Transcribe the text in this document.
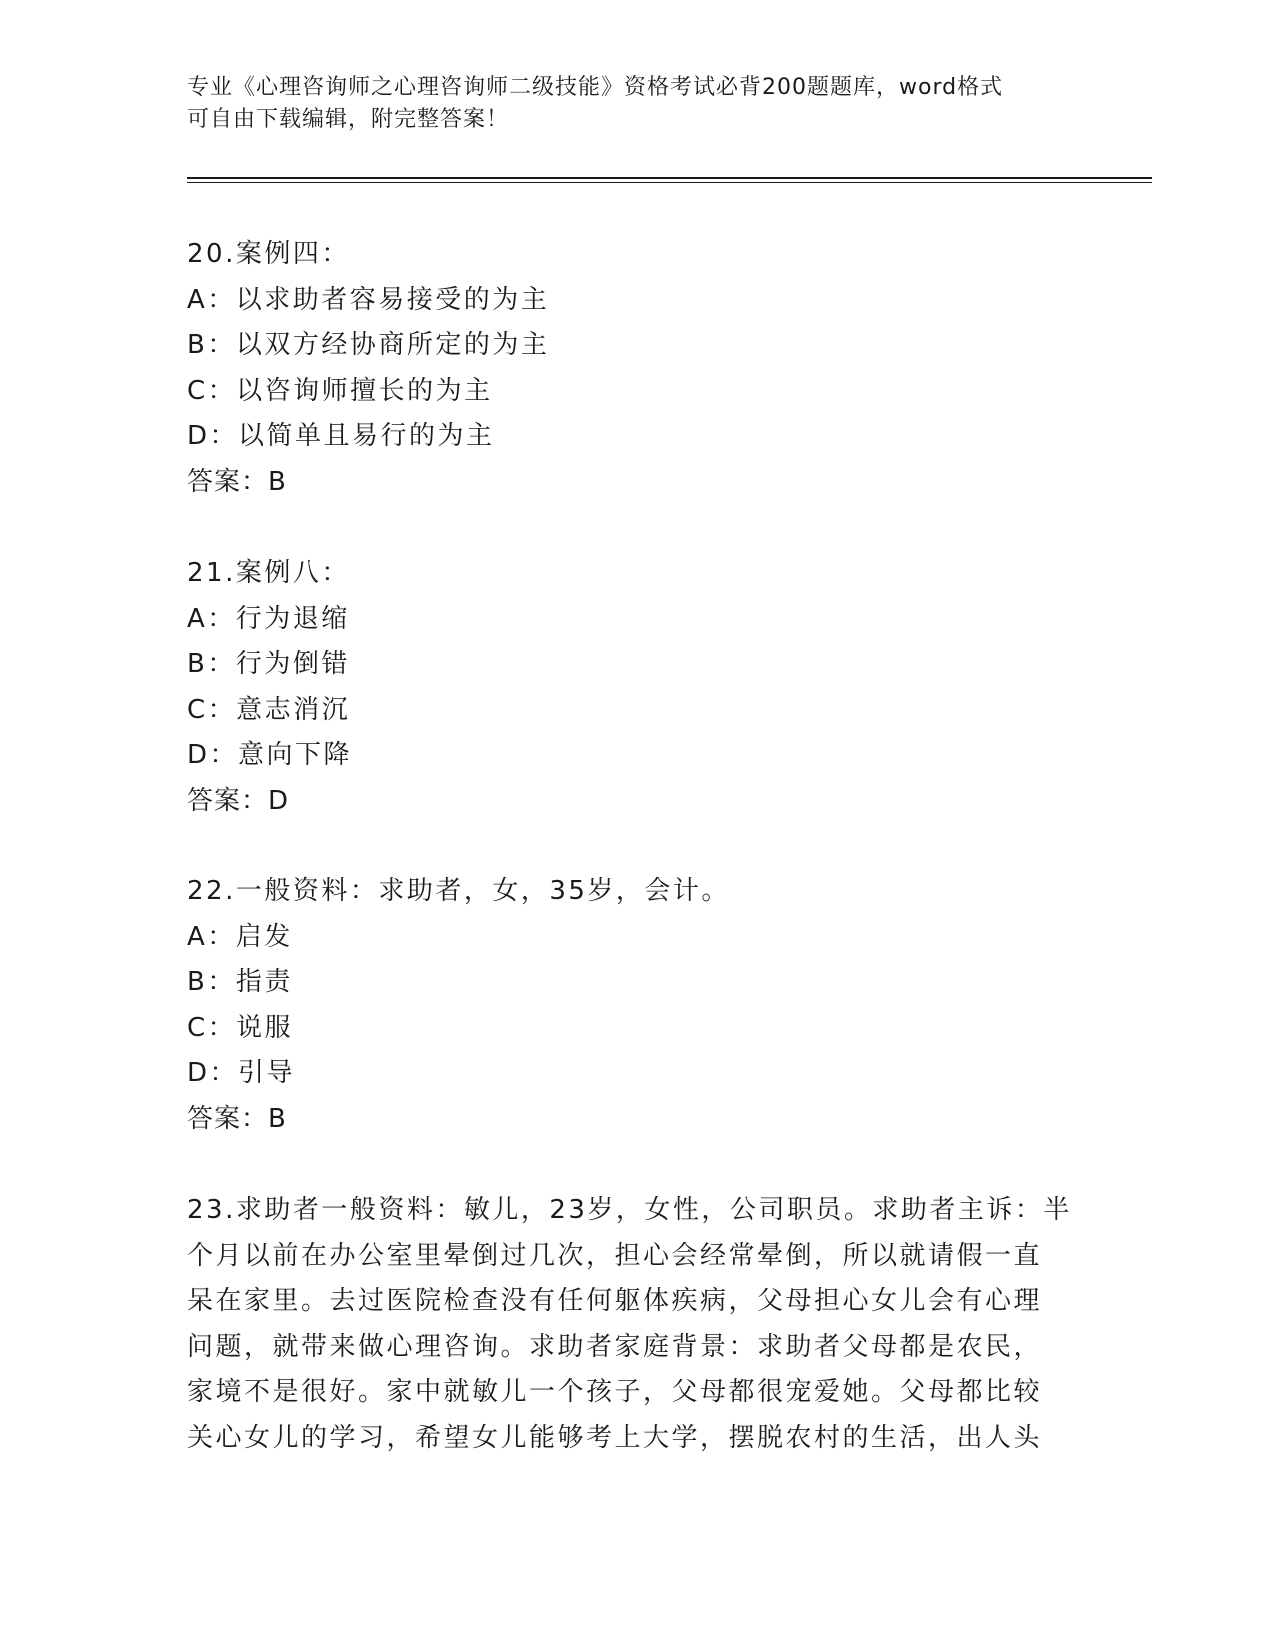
专业《心理咨询师之心理咨询师二级技能》资格考试必背200题题库，word格式
可自由下载编辑，附完整答案！
20.案例四：
A：以求助者容易接受的为主
B：以双方经协商所定的为主
C：以咨询师擅长的为主
D：以简单且易行的为主
答案：B
21.案例八：
A：行为退缩
B：行为倒错
C：意志消沉
D：意向下降
答案：D
22.一般资料：求助者，女，35岁，会计。
A：启发
B：指责
C：说服
D：引导
答案：B
23.求助者一般资料：敏儿，23岁，女性，公司职员。求助者主诉：半
个月以前在办公室里晕倒过几次，担心会经常晕倒，所以就请假一直
呆在家里。去过医院检查没有任何躯体疾病，父母担心女儿会有心理
问题，就带来做心理咨询。求助者家庭背景：求助者父母都是农民，
家境不是很好。家中就敏儿一个孩子，父母都很宠爱她。父母都比较
关心女儿的学习，希望女儿能够考上大学，摆脱农村的生活，出人头
